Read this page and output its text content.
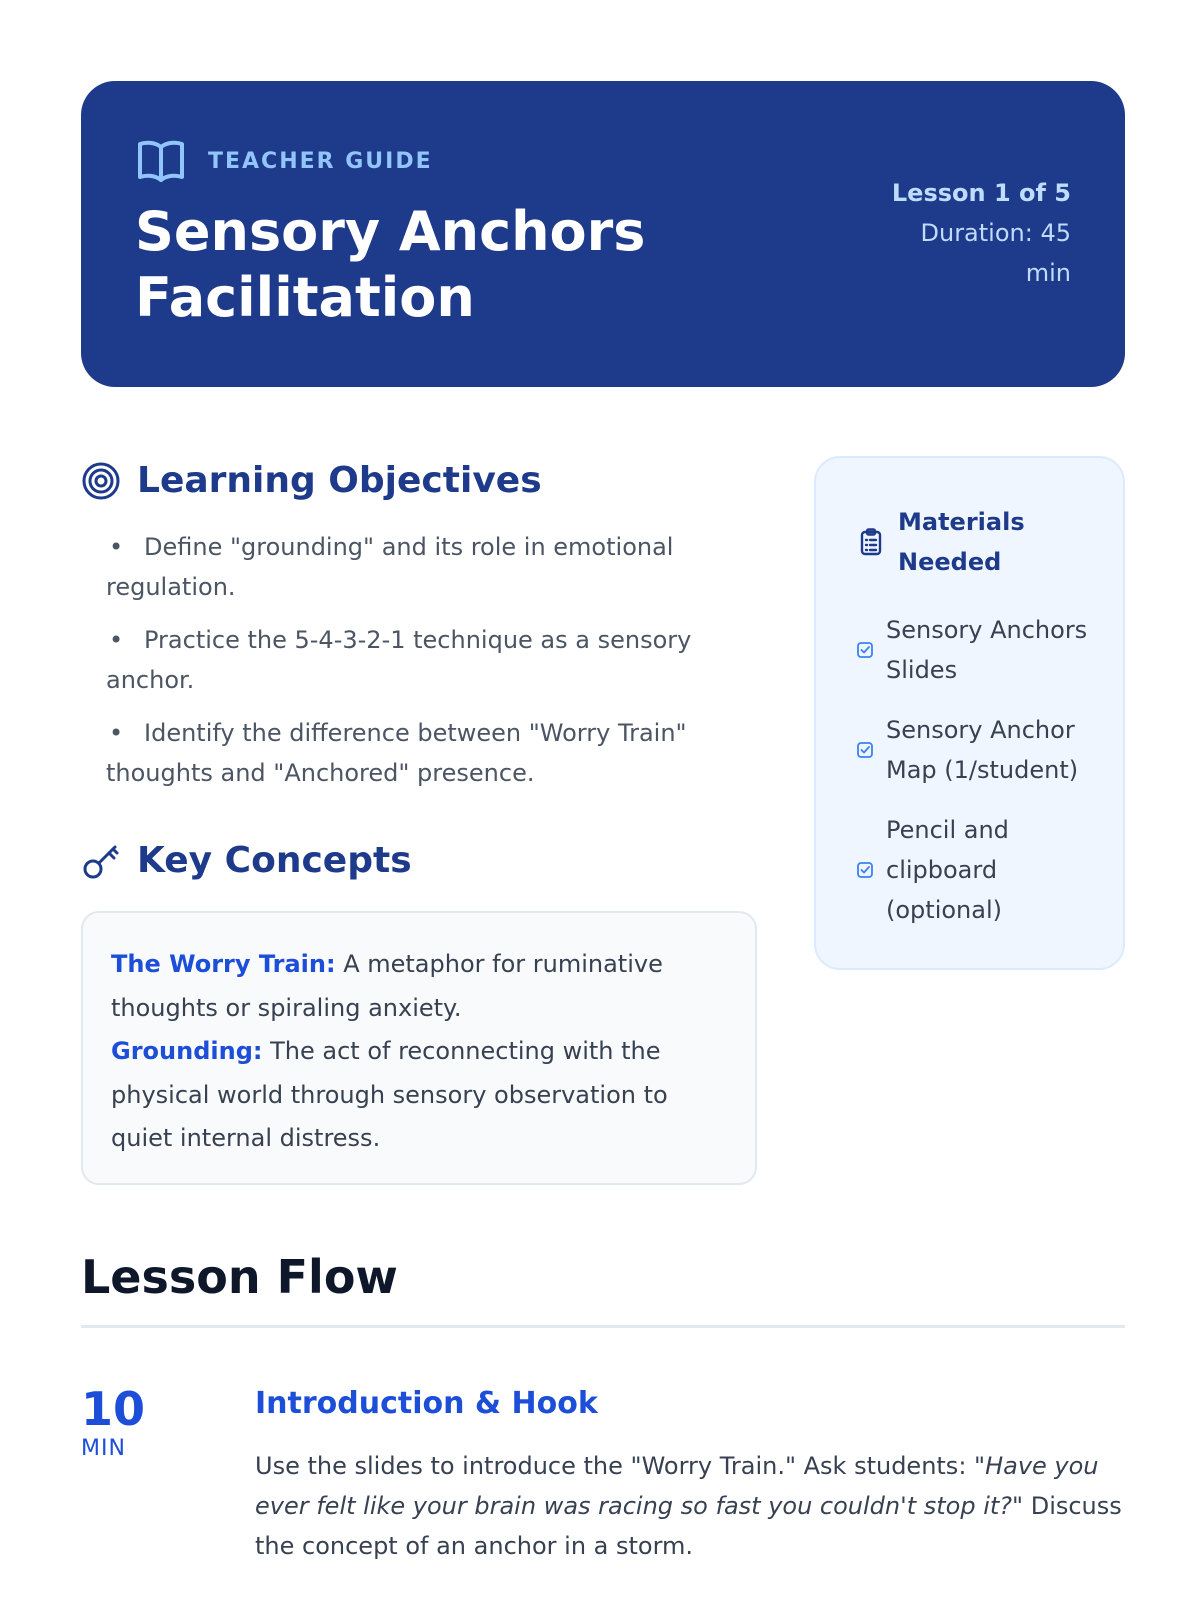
TEACHER GUIDE
Sensory Anchors Facilitation
Lesson 1 of 5
Duration: 45 min
Learning Objectives
• Define "grounding" and its role in emotional regulation.
• Practice the 5-4-3-2-1 technique as a sensory anchor.
• Identify the difference between "Worry Train" thoughts and "Anchored" presence.
Key Concepts
The Worry Train: A metaphor for ruminative thoughts or spiraling anxiety.
Grounding: The act of reconnecting with the physical world through sensory observation to quiet internal distress.
Materials Needed
Sensory Anchors Slides
Sensory Anchor Map (1/student)
Pencil and clipboard (optional)
Lesson Flow
10
MIN
Introduction & Hook

Use the slides to introduce the "Worry Train." Ask students: "Have you ever felt like your brain was racing so fast you couldn't stop it?" Discuss the concept of an anchor in a storm.
